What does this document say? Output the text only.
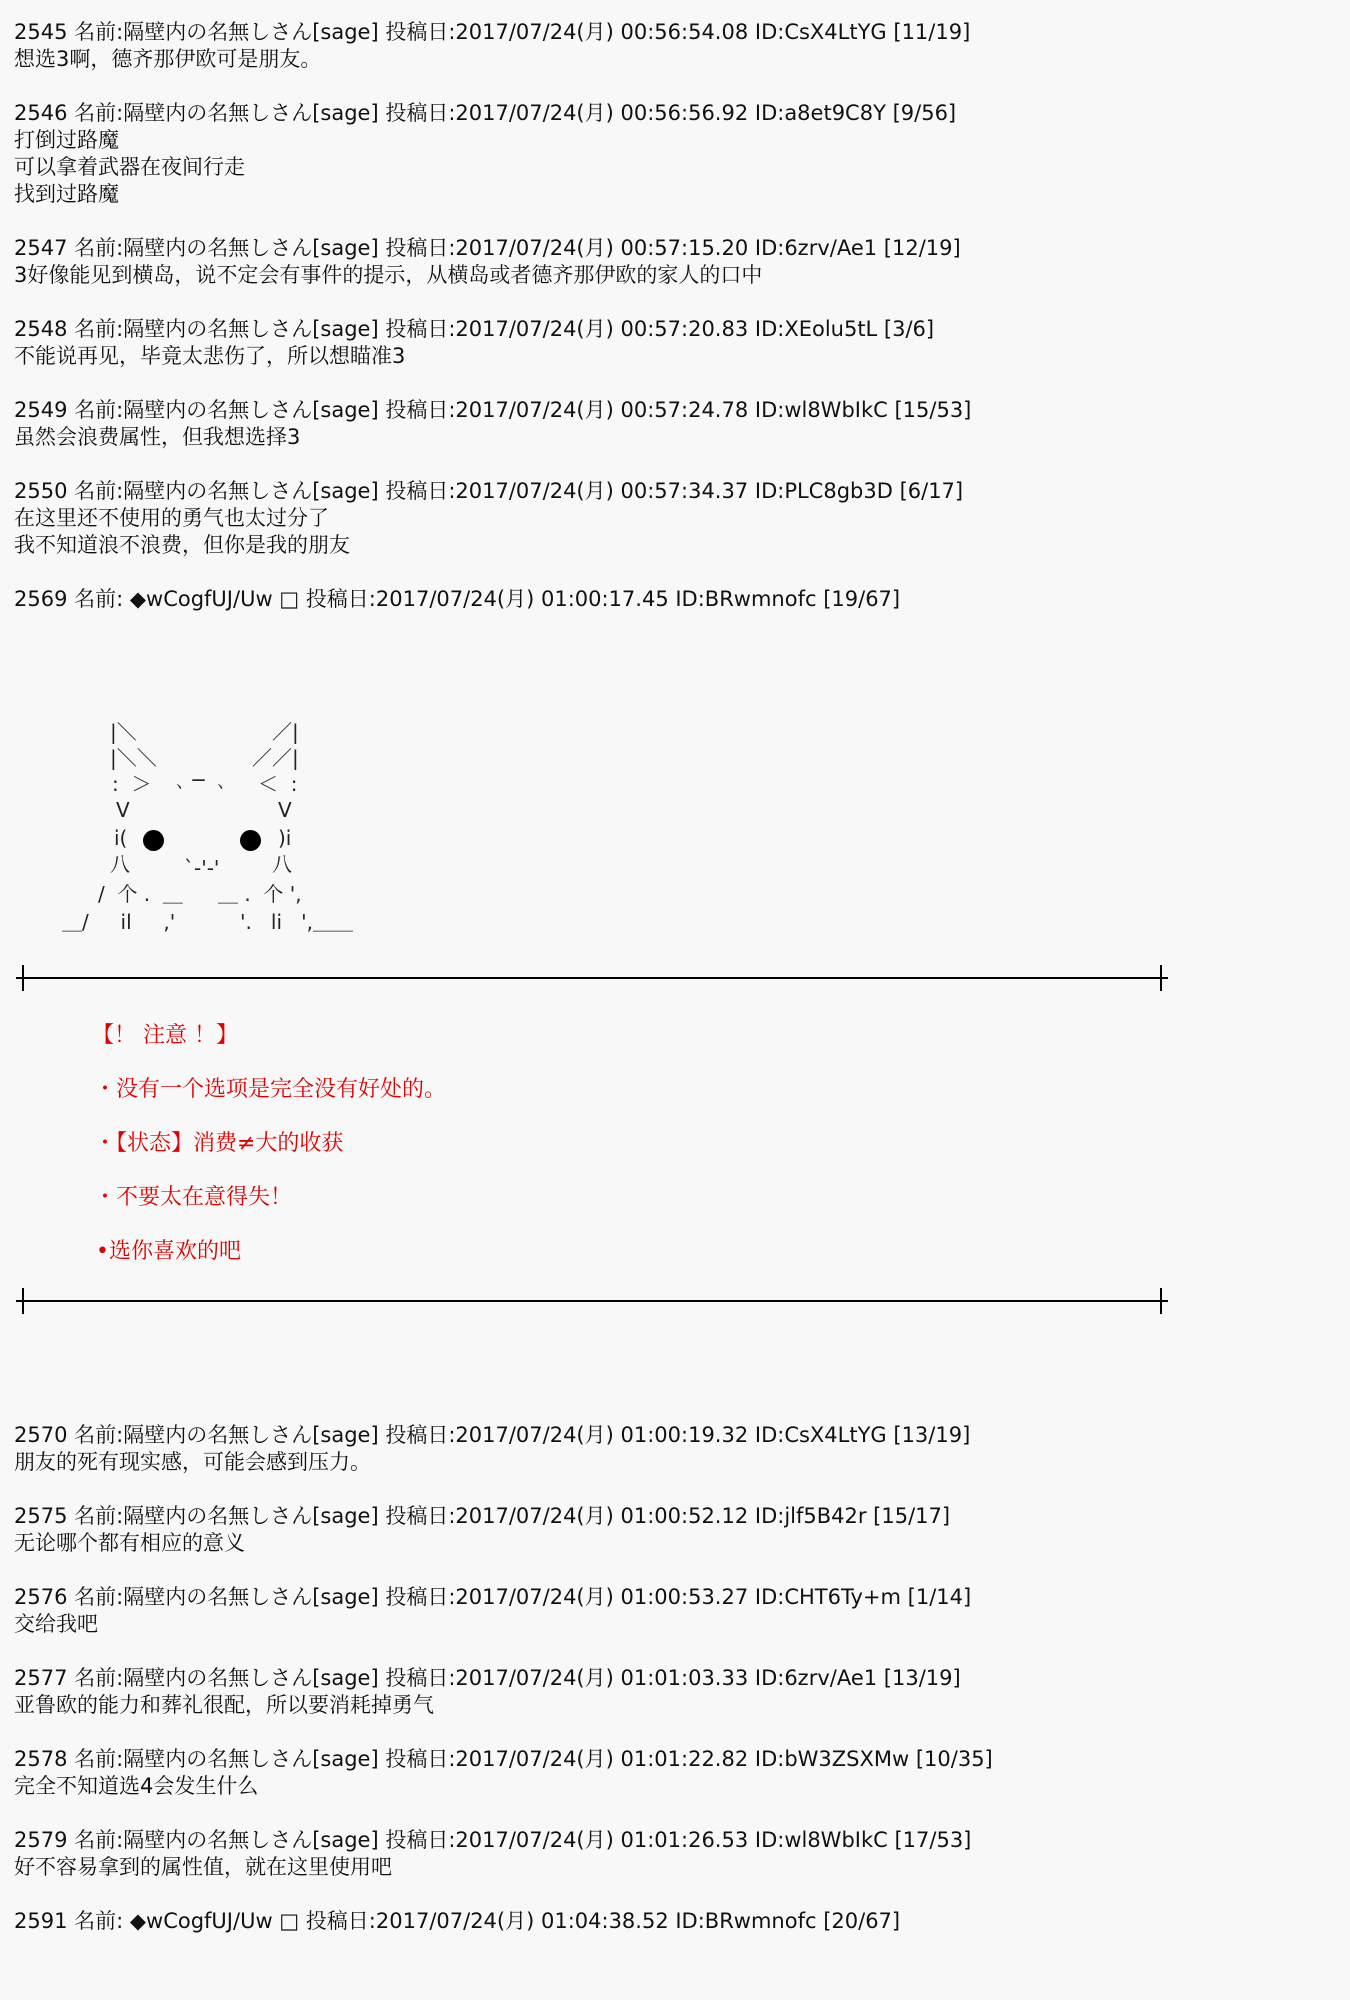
2545 名前:隔壁内の名無しさん[sage] 投稿日:2017/07/24(月) 00:56:54.08 ID:CsX4LtYG [11/19]
想选3啊，德齐那伊欧可是朋友。
2546 名前:隔壁内の名無しさん[sage] 投稿日:2017/07/24(月) 00:56:56.92 ID:a8et9C8Y [9/56]
打倒过路魔
可以拿着武器在夜间行走
找到过路魔
2547 名前:隔壁内の名無しさん[sage] 投稿日:2017/07/24(月) 00:57:15.20 ID:6zrv/Ae1 [12/19]
3好像能见到横岛，说不定会有事件的提示，从横岛或者德齐那伊欧的家人的口中
2548 名前:隔壁内の名無しさん[sage] 投稿日:2017/07/24(月) 00:57:20.83 ID:XEolu5tL [3/6]
不能说再见，毕竟太悲伤了，所以想瞄准3
2549 名前:隔壁内の名無しさん[sage] 投稿日:2017/07/24(月) 00:57:24.78 ID:wl8WbIkC [15/53]
虽然会浪费属性，但我想选择3
2550 名前:隔壁内の名無しさん[sage] 投稿日:2017/07/24(月) 00:57:34.37 ID:PLC8gb3D [6/17]
在这里还不使用的勇气也太过分了
我不知道浪不浪费，但你是我的朋友
2569 名前: ◆wCogfUJ/Uw □ 投稿日:2017/07/24(月) 01:00:17.45 ID:BRwmnofc [19/67]
|＼
|＼＼
／|
／／|
:  ＞ ､ ─  ､ ＜  :
V	V
i(	)i
八	`-'-'	八
/  个 .  ＿ ＿ .  个 ',
＿/     il     ,'	'.   li   ',＿＿
【！ 注意 ！】
・没有一个选项是完全没有好处的。
・【状态】消费≠大的收获
・不要太在意得失！
•选你喜欢的吧
2570 名前:隔壁内の名無しさん[sage] 投稿日:2017/07/24(月) 01:00:19.32 ID:CsX4LtYG [13/19]
朋友的死有现实感，可能会感到压力。
2575 名前:隔壁内の名無しさん[sage] 投稿日:2017/07/24(月) 01:00:52.12 ID:jlf5B42r [15/17]
无论哪个都有相应的意义
2576 名前:隔壁内の名無しさん[sage] 投稿日:2017/07/24(月) 01:00:53.27 ID:CHT6Ty+m [1/14]
交给我吧
2577 名前:隔壁内の名無しさん[sage] 投稿日:2017/07/24(月) 01:01:03.33 ID:6zrv/Ae1 [13/19]
亚鲁欧的能力和葬礼很配，所以要消耗掉勇气
2578 名前:隔壁内の名無しさん[sage] 投稿日:2017/07/24(月) 01:01:22.82 ID:bW3ZSXMw [10/35]
完全不知道选4会发生什么
2579 名前:隔壁内の名無しさん[sage] 投稿日:2017/07/24(月) 01:01:26.53 ID:wl8WbIkC [17/53]
好不容易拿到的属性值，就在这里使用吧
2591 名前: ◆wCogfUJ/Uw □ 投稿日:2017/07/24(月) 01:04:38.52 ID:BRwmnofc [20/67]
